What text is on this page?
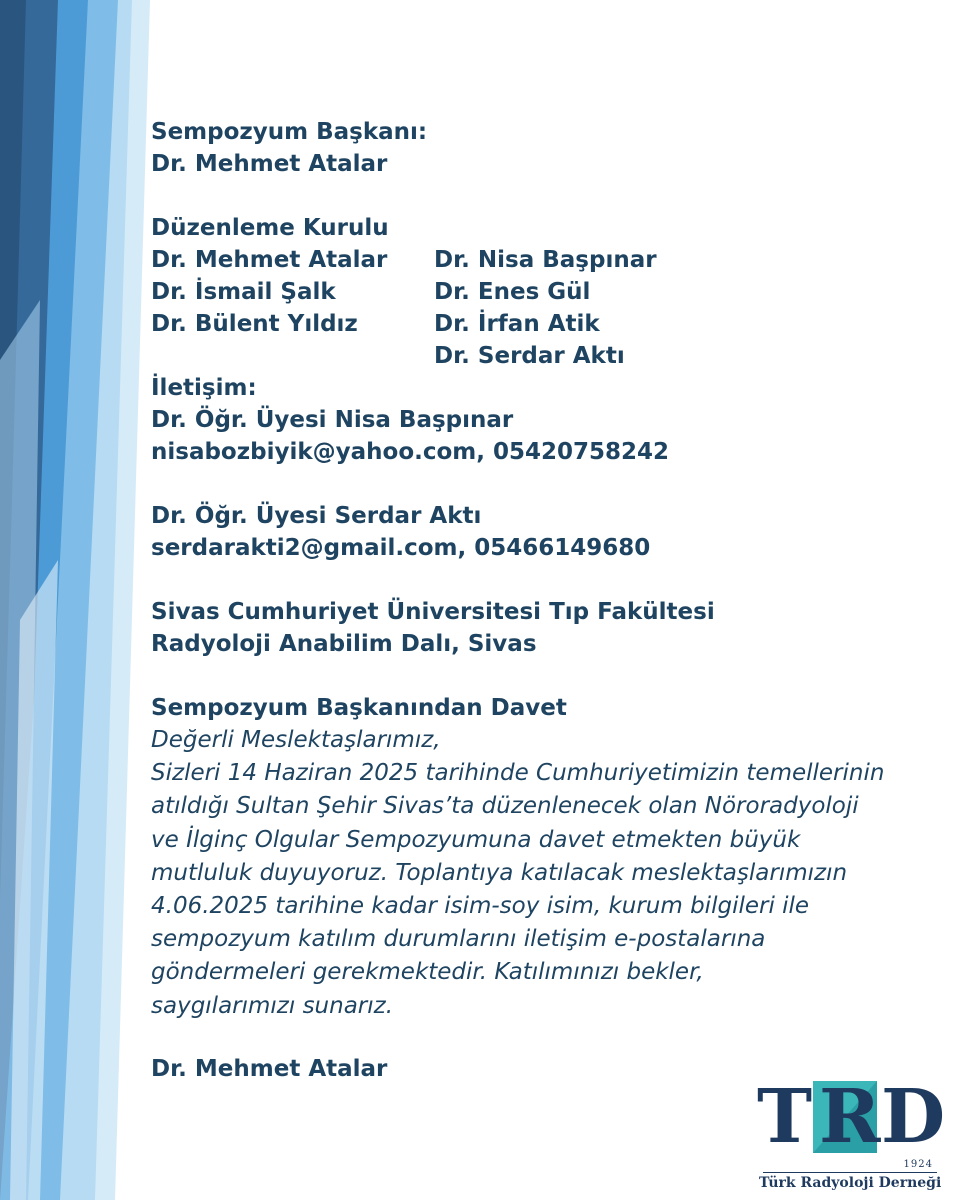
Sempozyum Başkanı:
Dr. Mehmet Atalar
Düzenleme Kurulu
Dr. Mehmet Atalar
Dr. İsmail Şalk
Dr. Bülent Yıldız
Dr. Nisa Başpınar
Dr. Enes Gül
Dr. İrfan Atik
Dr. Serdar Aktı
İletişim:
Dr. Öğr. Üyesi Nisa Başpınar
nisabozbiyik@yahoo.com, 05420758242
Dr. Öğr. Üyesi Serdar Aktı
serdarakti2@gmail.com, 05466149680
Sivas Cumhuriyet Üniversitesi Tıp Fakültesi
Radyoloji Anabilim Dalı, Sivas
Sempozyum Başkanından Davet
Değerli Meslektaşlarımız,
Sizleri 14 Haziran 2025 tarihinde Cumhuriyetimizin temellerinin
atıldığı Sultan Şehir Sivas’ta düzenlenecek olan Nöroradyoloji
ve İlginç Olgular Sempozyumuna davet etmekten büyük
mutluluk duyuyoruz. Toplantıya katılacak meslektaşlarımızın
4.06.2025 tarihine kadar isim-soy isim, kurum bilgileri ile
sempozyum katılım durumlarını iletişim e-postalarına
göndermeleri gerekmektedir. Katılımınızı bekler,
saygılarımızı sunarız.
Dr. Mehmet Atalar
T R D
1924
Türk Radyoloji Derneği
